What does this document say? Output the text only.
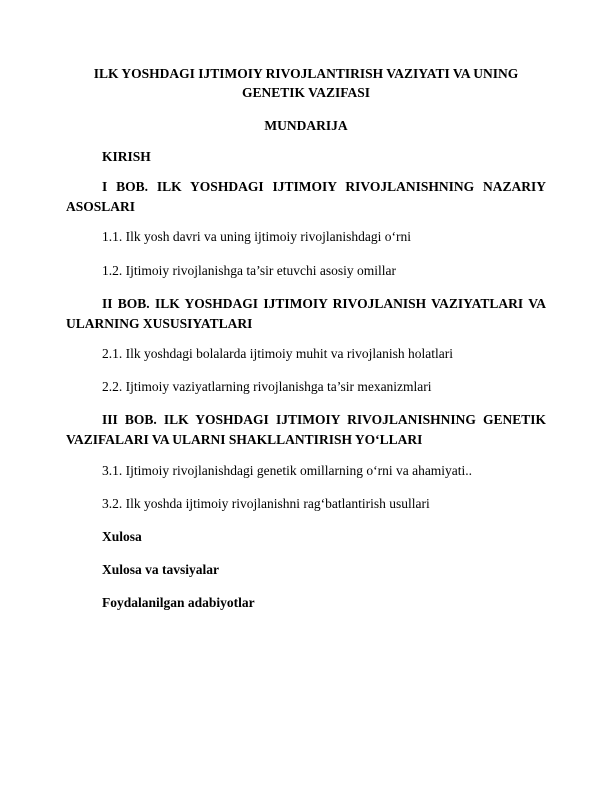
ILK YOSHDAGI IJTIMOIY RIVOJLANTIRISH VAZIYATI VA UNING GENETIK VAZIFASI
MUNDARIJA
KIRISH
I BOB. ILK YOSHDAGI IJTIMOIY RIVOJLANISHNING NAZARIY ASOSLARI
1.1. Ilk yosh davri va uning ijtimoiy rivojlanishdagi o‘rni
1.2. Ijtimoiy rivojlanishga ta’sir etuvchi asosiy omillar
II BOB. ILK YOSHDAGI IJTIMOIY RIVOJLANISH VAZIYATLARI VA ULARNING XUSUSIYATLARI
2.1. Ilk yoshdagi bolalarda ijtimoiy muhit va rivojlanish holatlari
2.2. Ijtimoiy vaziyatlarning rivojlanishga ta’sir mexanizmlari
III BOB. ILK YOSHDAGI IJTIMOIY RIVOJLANISHNING GENETIK VAZIFALARI VA ULARNI SHAKLLANTIRISH YO‘LLARI
3.1. Ijtimoiy rivojlanishdagi genetik omillarning o‘rni va ahamiyati..
3.2. Ilk yoshda ijtimoiy rivojlanishni rag‘batlantirish usullari
Xulosa
Xulosa va tavsiyalar
Foydalanilgan adabiyotlar
